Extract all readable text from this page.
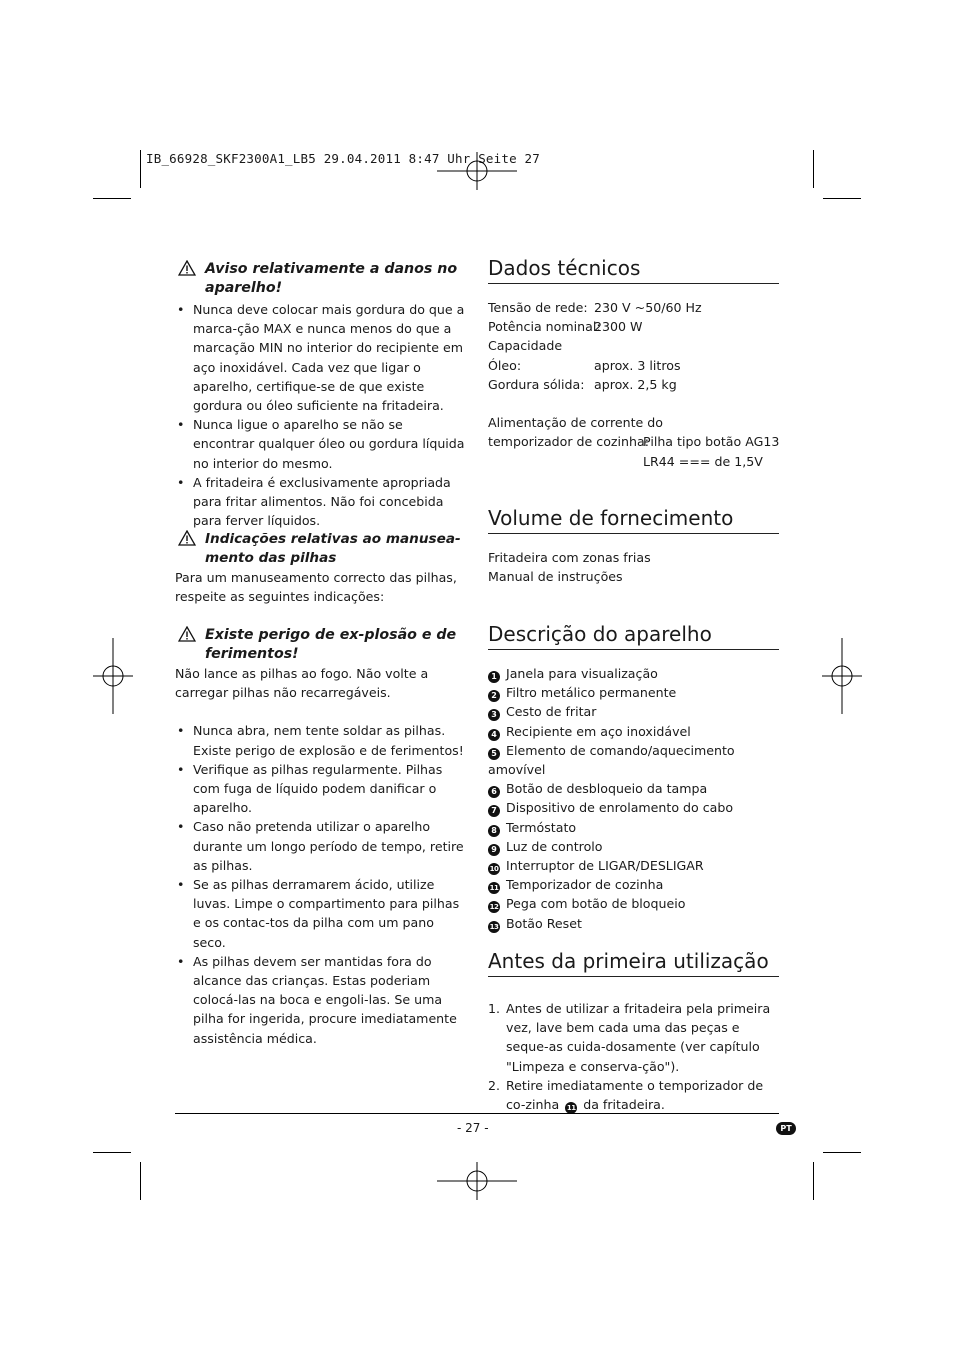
IB_66928_SKF2300A1_LB5 29.04.2011 8:47 Uhr Seite 27
Aviso relativamente a danos no aparelho!
• Nunca deve colocar mais gordura do que a marca-ção MAX e nunca menos do que a marcação MIN no interior do recipiente em aço inoxidável. Cada vez que ligar o aparelho, certifique-se de que existe gordura ou óleo suficiente na fritadeira.
• Nunca ligue o aparelho se não se encontrar qualquer óleo ou gordura líquida no interior do mesmo.
• A fritadeira é exclusivamente apropriada para fritar alimentos. Não foi concebida para ferver líquidos.
Indicações relativas ao manusea-mento das pilhas

Para um manuseamento correcto das pilhas, respeite as seguintes indicações:

Existe perigo de ex-plosão e de ferimentos!

Não lance as pilhas ao fogo. Não volte a carregar pilhas não recarregáveis.

• Nunca abra, nem tente soldar as pilhas. Existe perigo de explosão e de ferimentos!
• Verifique as pilhas regularmente. Pilhas com fuga de líquido podem danificar o aparelho.
• Caso não pretenda utilizar o aparelho durante um longo período de tempo, retire as pilhas.
• Se as pilhas derramarem ácido, utilize luvas. Limpe o compartimento para pilhas e os contac-tos da pilha com um pano seco.
• As pilhas devem ser mantidas fora do alcance das crianças. Estas poderiam colocá-las na boca e engoli-las. Se uma pilha for ingerida, procure imediatamente assistência médica.
Dados técnicos
Tensão de rede: 230 V ~50/60 Hz
Potência nominal:
2300 W
Capacidade
Óleo:	aprox. 3 litros
Gordura sólida: aprox. 2,5 kg
Alimentação de corrente do
temporizador de cozinha:
Pilha tipo botão AG13
LR44 === de 1,5V
Volume de fornecimento
Fritadeira com zonas frias
Manual de instruções
Descrição do aparelho
1 Janela para visualização
2 Filtro metálico permanente
3 Cesto de fritar
4 Recipiente em aço inoxidável
5 Elemento de comando/aquecimento amovível
6 Botão de desbloqueio da tampa
7 Dispositivo de enrolamento do cabo
8 Termóstato
9 Luz de controlo
10 Interruptor de LIGAR/DESLIGAR
11 Temporizador de cozinha
12 Pega com botão de bloqueio
13 Botão Reset
Antes da primeira utilização
1. Antes de utilizar a fritadeira pela primeira vez, lave bem cada uma das peças e seque-as cuida-dosamente (ver capítulo "Limpeza e conserva-ção").
2. Retire imediatamente o temporizador de co-zinha 11 da fritadeira.
- 27 -	PT
